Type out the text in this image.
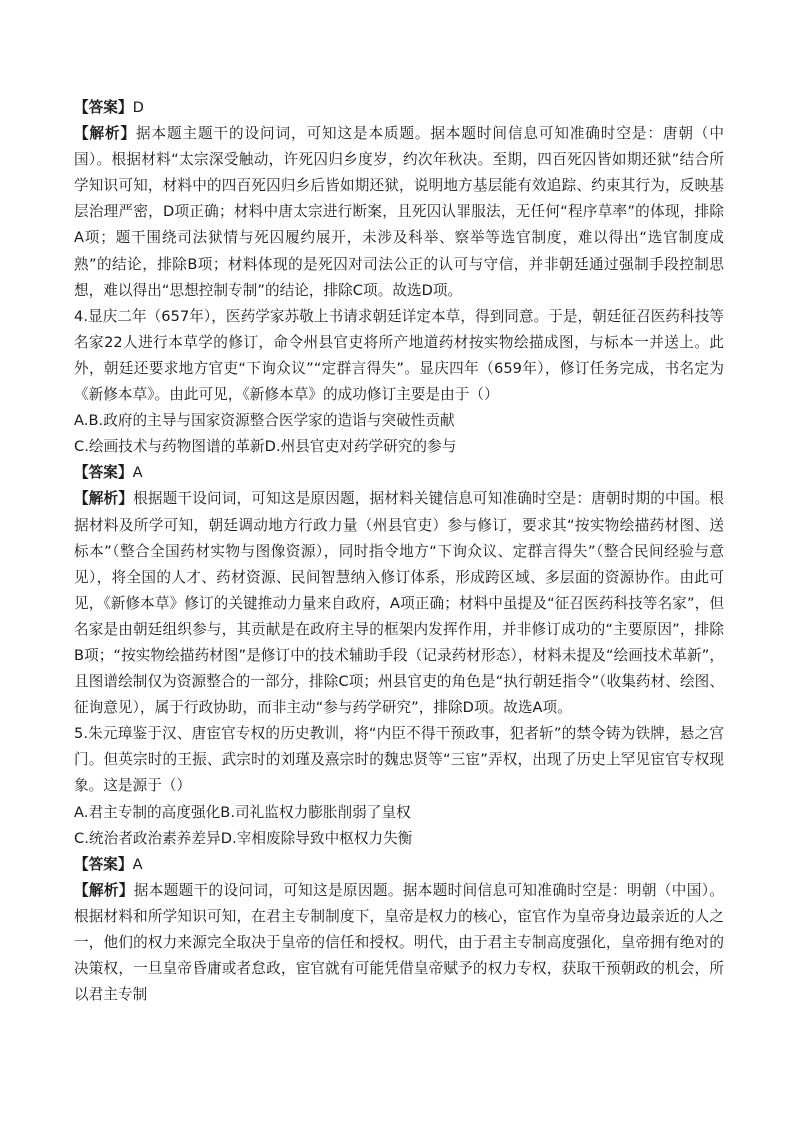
【答案】D

【解析】据本题主题干的设问词，可知这是本质题。据本题时间信息可知准确时空是：唐朝（中国）。根据材料“太宗深受触动，许死囚归乡度岁，约次年秋决。至期，四百死囚皆如期还狱”结合所学知识可知，材料中的四百死囚归乡后皆如期还狱，说明地方基层能有效追踪、约束其行为，反映基层治理严密，D项正确；材料中唐太宗进行断案，且死囚认罪服法，无任何“程序草率”的体现，排除A项；题干围绕司法狱情与死囚履约展开，未涉及科举、察举等选官制度，难以得出“选官制度成熟”的结论，排除B项；材料体现的是死囚对司法公正的认可与守信，并非朝廷通过强制手段控制思想，难以得出“思想控制专制”的结论，排除C项。故选D项。

4.显庆二年（657年），医药学家苏敬上书请求朝廷详定本草，得到同意。于是，朝廷征召医药科技等名家22人进行本草学的修订，命令州县官吏将所产地道药材按实物绘描成图，与标本一并送上。此外，朝廷还要求地方官吏“下询众议”“定群言得失”。显庆四年（659年），修订任务完成，书名定为《新修本草》。由此可见，《新修本草》的成功修订主要是由于（）

A.B.政府的主导与国家资源整合医学家的造诣与突破性贡献

C.绘画技术与药物图谱的革新D.州县官吏对药学研究的参与

【答案】A

【解析】根据题干设问词，可知这是原因题，据材料关键信息可知准确时空是：唐朝时期的中国。根据材料及所学可知，朝廷调动地方行政力量（州县官吏）参与修订，要求其“按实物绘描药材图、送标本”（整合全国药材实物与图像资源），同时指令地方“下询众议、定群言得失”（整合民间经验与意见），将全国的人才、药材资源、民间智慧纳入修订体系，形成跨区域、多层面的资源协作。由此可见，《新修本草》修订的关键推动力量来自政府，A项正确；材料中虽提及“征召医药科技等名家”，但名家是由朝廷组织参与，其贡献是在政府主导的框架内发挥作用，并非修订成功的“主要原因”，排除B项；“按实物绘描药材图”是修订中的技术辅助手段（记录药材形态），材料未提及“绘画技术革新”，且图谱绘制仅为资源整合的一部分，排除C项；州县官吏的角色是“执行朝廷指令”（收集药材、绘图、征询意见），属于行政协助，而非主动“参与药学研究”，排除D项。故选A项。

5.朱元璋鉴于汉、唐宦官专权的历史教训，将“内臣不得干预政事，犯者斩”的禁令铸为铁牌，悬之宫门。但英宗时的王振、武宗时的刘瑾及熹宗时的魏忠贤等“三宦”弄权，出现了历史上罕见宦官专权现象。这是源于（）

A.君主专制的高度强化B.司礼监权力膨胀削弱了皇权

C.统治者政治素养差异D.宰相废除导致中枢权力失衡

【答案】A

【解析】据本题题干的设问词，可知这是原因题。据本题时间信息可知准确时空是：明朝（中国）。根据材料和所学知识可知，在君主专制制度下，皇帝是权力的核心，宦官作为皇帝身边最亲近的人之一，他们的权力来源完全取决于皇帝的信任和授权。明代，由于君主专制高度强化，皇帝拥有绝对的决策权，一旦皇帝昏庸或者怠政，宦官就有可能凭借皇帝赋予的权力专权，获取干预朝政的机会，所以君主专制
